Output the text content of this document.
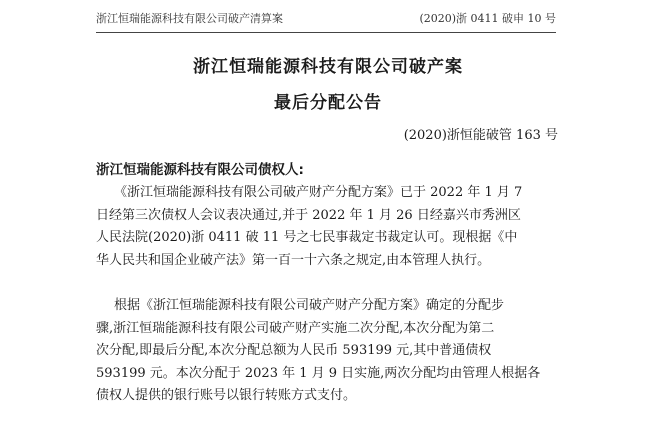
浙江恒瑞能源科技有限公司破产清算案	(2020)浙 0411 破申 10 号
浙江恒瑞能源科技有限公司破产案
最后分配公告
(2020)浙恒能破管 163 号
浙江恒瑞能源科技有限公司债权人:
《浙江恒瑞能源科技有限公司破产财产分配方案》已于 2022 年 1 月 7
日经第三次债权人会议表决通过,并于 2022 年 1 月 26 日经嘉兴市秀洲区
人民法院(2020)浙 0411 破 11 号之七民事裁定书裁定认可。现根据《中
华人民共和国企业破产法》第一百一十六条之规定,由本管理人执行。
根据《浙江恒瑞能源科技有限公司破产财产分配方案》确定的分配步
骤,浙江恒瑞能源科技有限公司破产财产实施二次分配,本次分配为第二
次分配,即最后分配,本次分配总额为人民币 593199 元,其中普通债权
593199 元。本次分配于 2023 年 1 月 9 日实施,两次分配均由管理人根据各
债权人提供的银行账号以银行转账方式支付。
